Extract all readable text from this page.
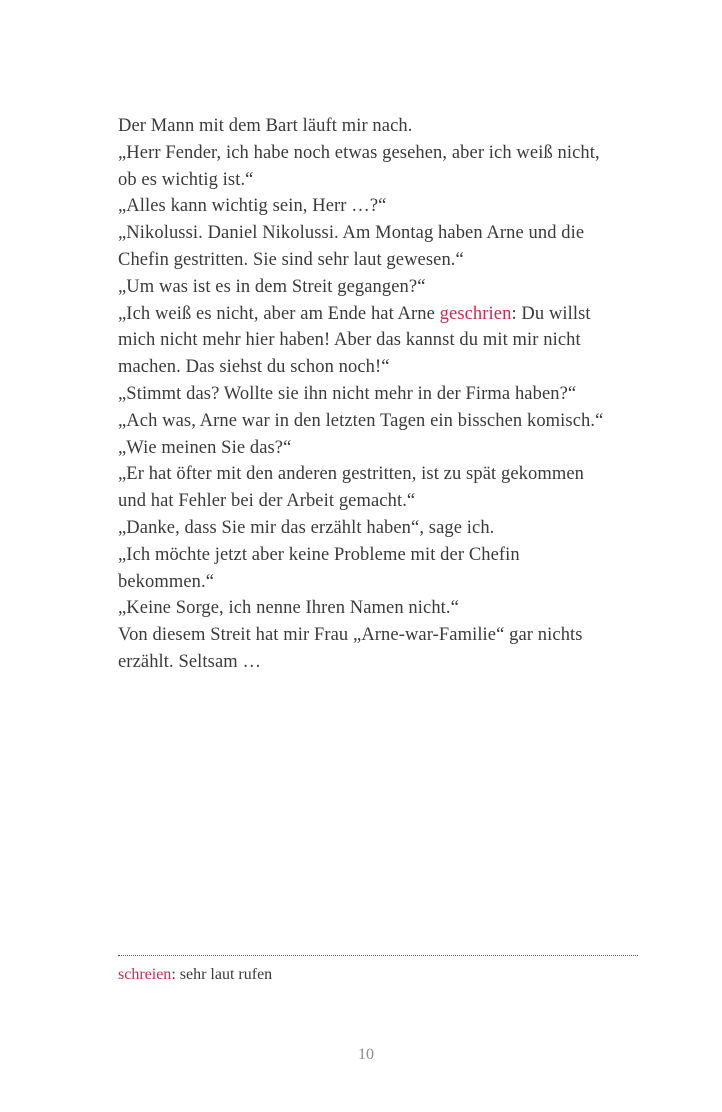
Der Mann mit dem Bart läuft mir nach.
„Herr Fender, ich habe noch etwas gesehen, aber ich weiß nicht,
ob es wichtig ist.“
„Alles kann wichtig sein, Herr …?“
„Nikolussi. Daniel Nikolussi. Am Montag haben Arne und die
Chefin gestritten. Sie sind sehr laut gewesen.“
„Um was ist es in dem Streit gegangen?“
„Ich weiß es nicht, aber am Ende hat Arne geschrien: Du willst
mich nicht mehr hier haben! Aber das kannst du mit mir nicht
machen. Das siehst du schon noch!“
„Stimmt das? Wollte sie ihn nicht mehr in der Firma haben?“
„Ach was, Arne war in den letzten Tagen ein bisschen komisch.“
„Wie meinen Sie das?“
„Er hat öfter mit den anderen gestritten, ist zu spät gekommen
und hat Fehler bei der Arbeit gemacht.“
„Danke, dass Sie mir das erzählt haben“, sage ich.
„Ich möchte jetzt aber keine Probleme mit der Chefin
bekommen.“
„Keine Sorge, ich nenne Ihren Namen nicht.“
Von diesem Streit hat mir Frau „Arne-war-Familie“ gar nichts
erzählt. Seltsam …
schreien: sehr laut rufen
10
